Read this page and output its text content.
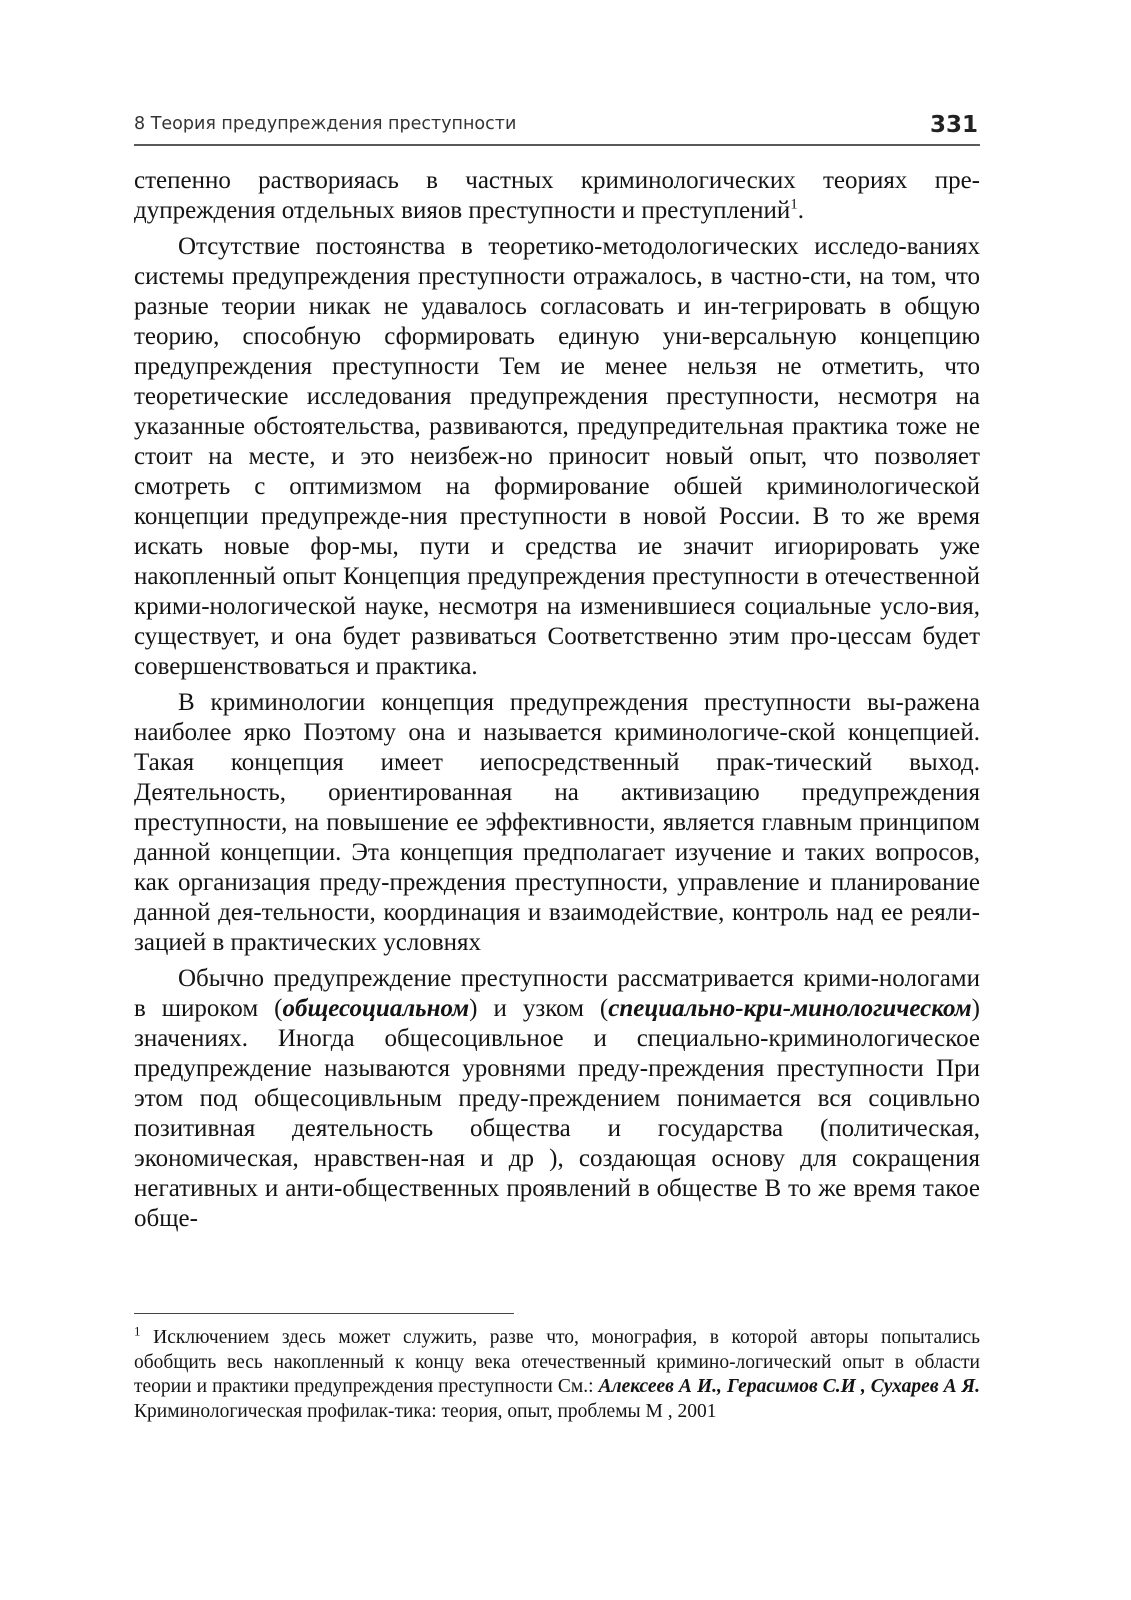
8 Теория предупреждения преступности	331

степенно растворияась в частных криминологических теориях пре-дупреждения отдельных вияов преступности и преступлений$^1$.

Отсутствие постоянства в теоретико-методологических исследо-ваниях системы предупреждения преступности отражалось, в частно-сти, на том, что разные теории никак не удавалось согласовать и ин-тегрировать в общую теорию, способную сформировать единую уни-версальную концепцию предупреждения преступности Тем ие менее нельзя не отметить, что теоретические исследования предупреждения преступности, несмотря на указанные обстоятельства, развиваются, предупредительная практика тоже не стоит на месте, и это неизбеж-но приносит новый опыт, что позволяет смотреть с оптимизмом на формирование обшей криминологической концепции предупрежде-ния преступности в новой России. В то же время искать новые фор-мы, пути и средства ие значит игиорировать уже накопленный опыт Концепция предупреждения преступности в отечественной крими-нологической науке, несмотря на изменившиеся социальные усло-вия, существует, и она будет развиваться Соответственно этим про-цессам будет совершенствоваться и практика.

В криминологии концепция предупреждения преступности вы-ражена наиболее ярко Поэтому она и называется криминологиче-ской концепцией. Такая концепция имеет иепосредственный прак-тический выход. Деятельность, ориентированная на активизацию предупреждения преступности, на повышение ее эффективности, является главным принципом данной концепции. Эта концепция предполагает изучение и таких вопросов, как организация преду-преждения преступности, управление и планирование данной дея-тельности, координация и взаимодействие, контроль над ее реяли-зацией в практических условнях

Обычно предупреждение преступности рассматривается крими-нологами в широком (общесоциальном) и узком (специально-кри-минологическом) значениях. Иногда общесоцивльное и специально-криминологическое предупреждение называются уровнями преду-преждения преступности При этом под общесоцивльным преду-преждением понимается вся социвльно позитивная деятельность общества и государства (политическая, экономическая, нравствен-ная и др ), создающая основу для сокращения негативных и анти-общественных проявлений в обществе В то же время такое обще-

$^1$ Исключением здесь может служить, разве что, монография, в которой авторы попытались обобщить весь накопленный к концу века отечественный кримино-логический опыт в области теории и практики предупреждения преступности См.: Алексеев А И., Герасимов С.И , Сухарев А Я. Криминологическая профилак-тика: теория, опыт, проблемы М , 2001
